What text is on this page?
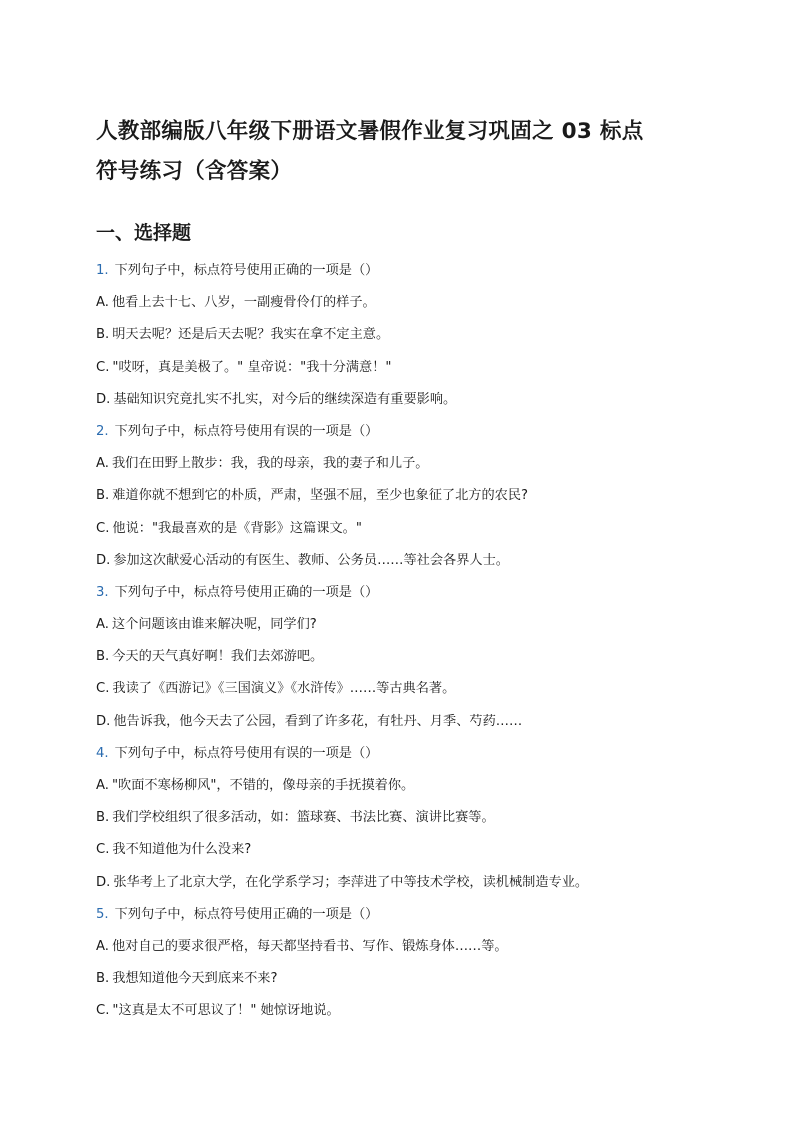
人教部编版八年级下册语文暑假作业复习巩固之 03 标点
符号练习（含答案）
一、选择题
1. 下列句子中，标点符号使用正确的一项是（）
A. 他看上去十七、八岁，一副瘦骨伶仃的样子。
B. 明天去呢？还是后天去呢？我实在拿不定主意。
C. "哎呀，真是美极了。" 皇帝说："我十分满意！"
D. 基础知识究竟扎实不扎实，对今后的继续深造有重要影响。
2. 下列句子中，标点符号使用有误的一项是（）
A. 我们在田野上散步：我，我的母亲，我的妻子和儿子。
B. 难道你就不想到它的朴质，严肃，坚强不屈，至少也象征了北方的农民?
C. 他说："我最喜欢的是《背影》这篇课文。"
D. 参加这次献爱心活动的有医生、教师、公务员……等社会各界人士。
3. 下列句子中，标点符号使用正确的一项是（）
A. 这个问题该由谁来解决呢，同学们?
B. 今天的天气真好啊！我们去郊游吧。
C. 我读了《西游记》《三国演义》《水浒传》……等古典名著。
D. 他告诉我，他今天去了公园，看到了许多花，有牡丹、月季、芍药……
4. 下列句子中，标点符号使用有误的一项是（）
A. "吹面不寒杨柳风"，不错的，像母亲的手抚摸着你。
B. 我们学校组织了很多活动，如：篮球赛、书法比赛、演讲比赛等。
C. 我不知道他为什么没来?
D. 张华考上了北京大学，在化学系学习；李萍进了中等技术学校，读机械制造专业。
5. 下列句子中，标点符号使用正确的一项是（）
A. 他对自己的要求很严格，每天都坚持看书、写作、锻炼身体……等。
B. 我想知道他今天到底来不来?
C. "这真是太不可思议了！" 她惊讶地说。
